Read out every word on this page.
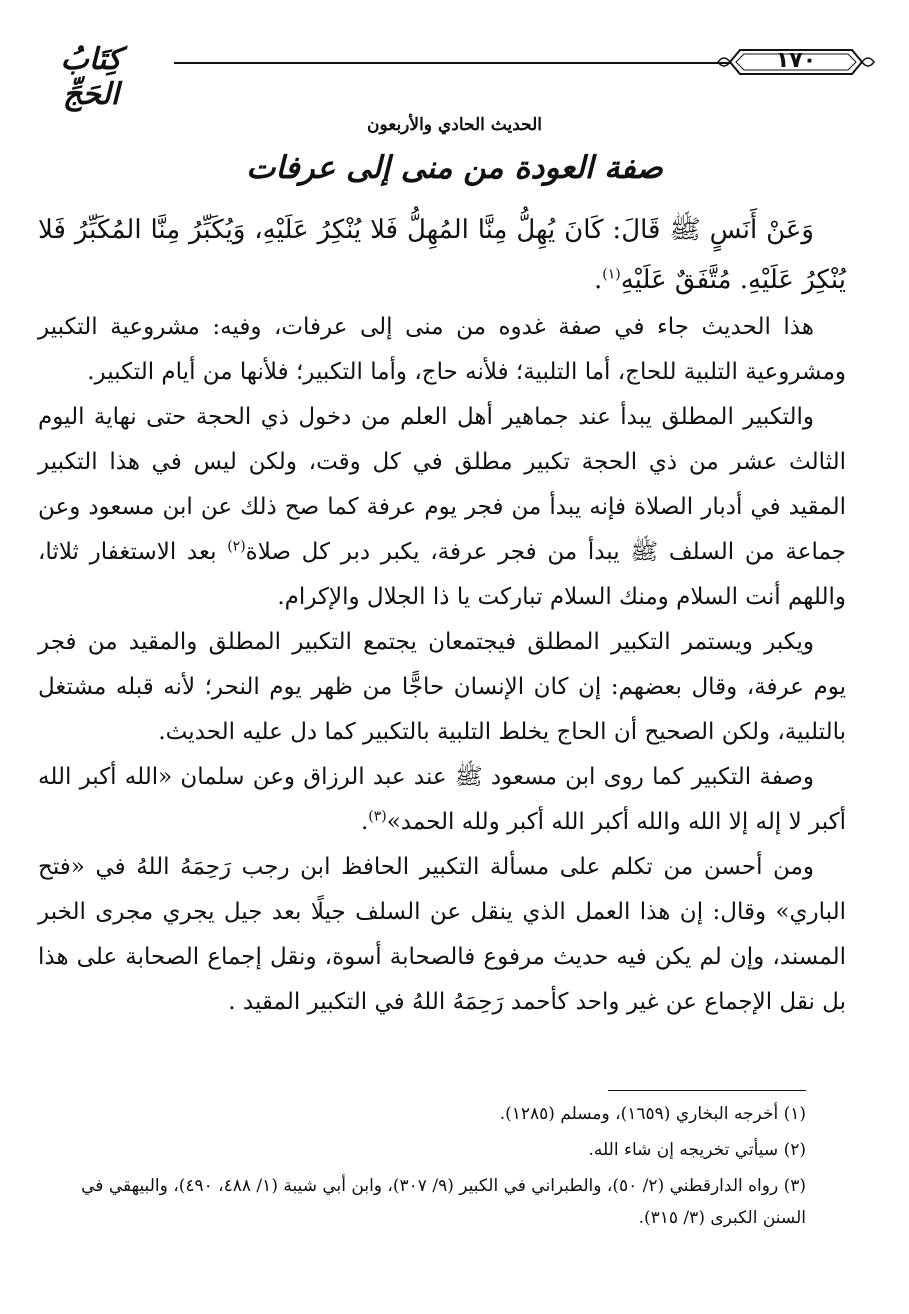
كِتَابُ الحَجِّ
١٧٠
الحديث الحادي والأربعون
صفة العودة من منى إلى عرفات

وَعَنْ أَنَسٍ ﷺ قَالَ: كَانَ يُهِلُّ مِنَّا المُهِلُّ فَلا يُنْكِرُ عَلَيْهِ، وَيُكَبِّرُ مِنَّا المُكَبِّرُ فَلا يُنْكِرُ عَلَيْهِ. مُتَّفَقٌ عَلَيْهِ$^{(١)}$.

هذا الحديث جاء في صفة غدوه من منى إلى عرفات، وفيه: مشروعية التكبير ومشروعية التلبية للحاج، أما التلبية؛ فلأنه حاج، وأما التكبير؛ فلأنها من أيام التكبير.

والتكبير المطلق يبدأ عند جماهير أهل العلم من دخول ذي الحجة حتى نهاية اليوم الثالث عشر من ذي الحجة تكبير مطلق في كل وقت، ولكن ليس في هذا التكبير المقيد في أدبار الصلاة فإنه يبدأ من فجر يوم عرفة كما صح ذلك عن ابن مسعود وعن جماعة من السلف ﷺ يبدأ من فجر عرفة، يكبر دبر كل صلاة$^{(٢)}$ بعد الاستغفار ثلاثا، واللهم أنت السلام ومنك السلام تباركت يا ذا الجلال والإكرام.

ويكبر ويستمر التكبير المطلق فيجتمعان يجتمع التكبير المطلق والمقيد من فجر يوم عرفة، وقال بعضهم: إن كان الإنسان حاجًّا من ظهر يوم النحر؛ لأنه قبله مشتغل بالتلبية، ولكن الصحيح أن الحاج يخلط التلبية بالتكبير كما دل عليه الحديث.

وصفة التكبير كما روى ابن مسعود ﷺ عند عبد الرزاق وعن سلمان «الله أكبر الله أكبر لا إله إلا الله والله أكبر الله أكبر ولله الحمد»$^{(٣)}$.

ومن أحسن من تكلم على مسألة التكبير الحافظ ابن رجب رَحِمَهُ اللهُ في «فتح الباري» وقال: إن هذا العمل الذي ينقل عن السلف جيلًا بعد جيل يجري مجرى الخبر المسند، وإن لم يكن فيه حديث مرفوع فالصحابة أسوة، ونقل إجماع الصحابة على هذا بل نقل الإجماع عن غير واحد كأحمد رَحِمَهُ اللهُ في التكبير المقيد .

(١) أخرجه البخاري (١٦٥٩)، ومسلم (١٢٨٥).

(٢) سيأتي تخريجه إن شاء الله.

(٣) رواه الدارقطني (٢/ ٥٠)، والطبراني في الكبير (٩/ ٣٠٧)، وابن أبي شيبة (١/ ٤٨٨، ٤٩٠)، والبيهقي في السنن الكبرى (٣/ ٣١٥).
